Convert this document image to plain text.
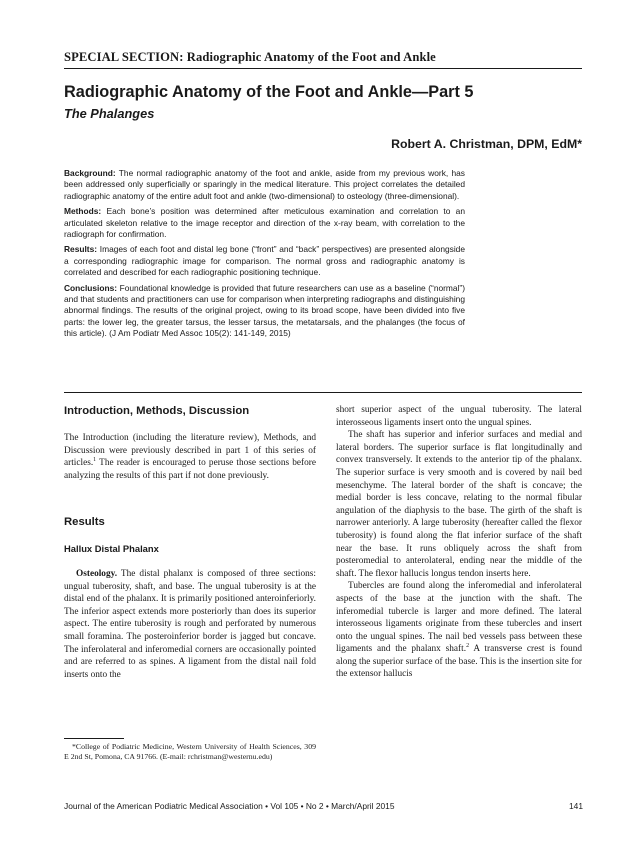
SPECIAL SECTION: Radiographic Anatomy of the Foot and Ankle
Radiographic Anatomy of the Foot and Ankle—Part 5
The Phalanges
Robert A. Christman, DPM, EdM*

Background: The normal radiographic anatomy of the foot and ankle, aside from my previous work, has been addressed only superficially or sparingly in the medical literature. This project correlates the detailed radiographic anatomy of the entire adult foot and ankle (two-dimensional) to osteology (three-dimensional).

Methods: Each bone’s position was determined after meticulous examination and correlation to an articulated skeleton relative to the image receptor and direction of the x-ray beam, with correlation to the radiograph for confirmation.

Results: Images of each foot and distal leg bone (“front” and “back” perspectives) are presented alongside a corresponding radiographic image for comparison. The normal gross and radiographic anatomy is correlated and described for each radiographic positioning technique.

Conclusions: Foundational knowledge is provided that future researchers can use as a baseline (“normal”) and that students and practitioners can use for comparison when interpreting radiographs and distinguishing abnormal findings. The results of the original project, owing to its broad scope, have been divided into five parts: the lower leg, the greater tarsus, the lesser tarsus, the metatarsals, and the phalanges (the focus of this article). (J Am Podiatr Med Assoc 105(2): 141-149, 2015)

Introduction, Methods, Discussion
The Introduction (including the literature review), Methods, and Discussion were previously described in part 1 of this series of articles.$^1$ The reader is encouraged to peruse those sections before analyzing the results of this part if not done previously.
Results
Hallux Distal Phalanx
Osteology. The distal phalanx is composed of three sections: ungual tuberosity, shaft, and base. The ungual tuberosity is at the distal end of the phalanx. It is primarily positioned anteroinferiorly. The inferior aspect extends more posteriorly than does its superior aspect. The entire tuberosity is rough and perforated by numerous small foramina. The posteroinferior border is jagged but concave. The inferolateral and inferomedial corners are occasionally pointed and are referred to as spines. A ligament from the distal nail fold inserts onto the
*College of Podiatric Medicine, Western University of Health Sciences, 309 E 2nd St, Pomona, CA 91766. (E-mail: rchristman@westernu.edu)

short superior aspect of the ungual tuberosity. The lateral interosseous ligaments insert onto the ungual spines.

The shaft has superior and inferior surfaces and medial and lateral borders. The superior surface is flat longitudinally and convex transversely. It extends to the anterior tip of the phalanx. The superior surface is very smooth and is covered by nail bed mesenchyme. The lateral border of the shaft is concave; the medial border is less concave, relating to the normal fibular angulation of the diaphysis to the base. The girth of the shaft is narrower anteriorly. A large tuberosity (hereafter called the flexor tuberosity) is found along the flat inferior surface of the shaft near the base. It runs obliquely across the shaft from posteromedial to anterolateral, ending near the middle of the shaft. The flexor hallucis longus tendon inserts here.

Tubercles are found along the inferomedial and inferolateral aspects of the base at the junction with the shaft. The inferomedial tubercle is larger and more defined. The lateral interosseous ligaments originate from these tubercles and insert onto the ungual spines. The nail bed vessels pass between these ligaments and the phalanx shaft.$^2$ A transverse crest is found along the superior surface of the base. This is the insertion site for the extensor hallucis

Journal of the American Podiatric Medical Association • Vol 105 • No 2 • March/April 2015	141
